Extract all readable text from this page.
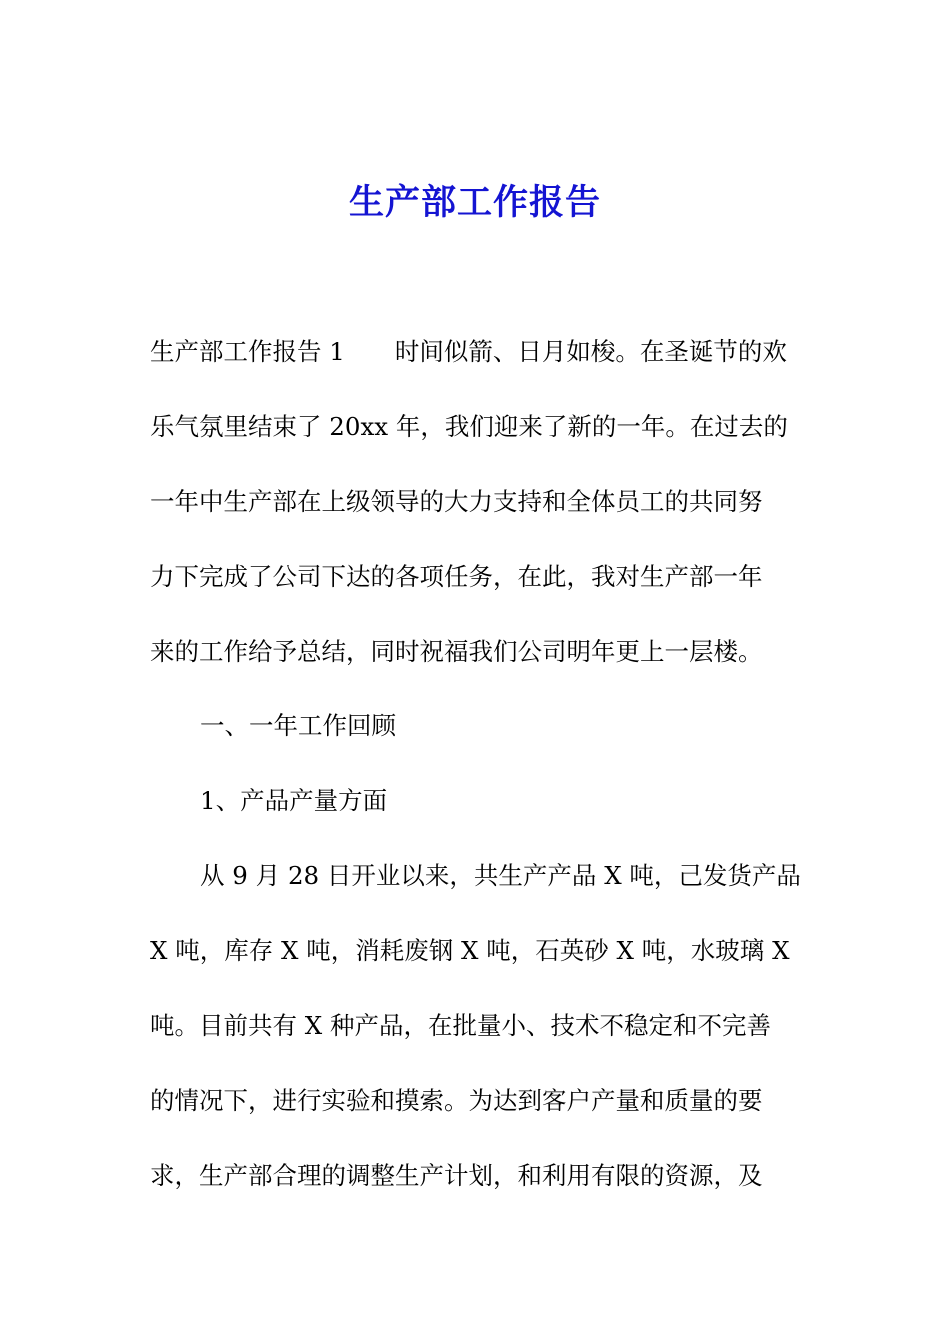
生产部工作报告
生产部工作报告 1 时间似箭、日月如梭。在圣诞节的欢
乐气氛里结束了 20xx 年，我们迎来了新的一年。在过去的
一年中生产部在上级领导的大力支持和全体员工的共同努
力下完成了公司下达的各项任务，在此，我对生产部一年
来的工作给予总结，同时祝福我们公司明年更上一层楼。
一、一年工作回顾
1、产品产量方面
从 9 月 28 日开业以来，共生产产品 X 吨，己发货产品
X 吨，库存 X 吨，消耗废钢 X 吨，石英砂 X 吨，水玻璃 X
吨。目前共有 X 种产品，在批量小、技术不稳定和不完善
的情况下，进行实验和摸索。为达到客户产量和质量的要
求，生产部合理的调整生产计划，和利用有限的资源，及
